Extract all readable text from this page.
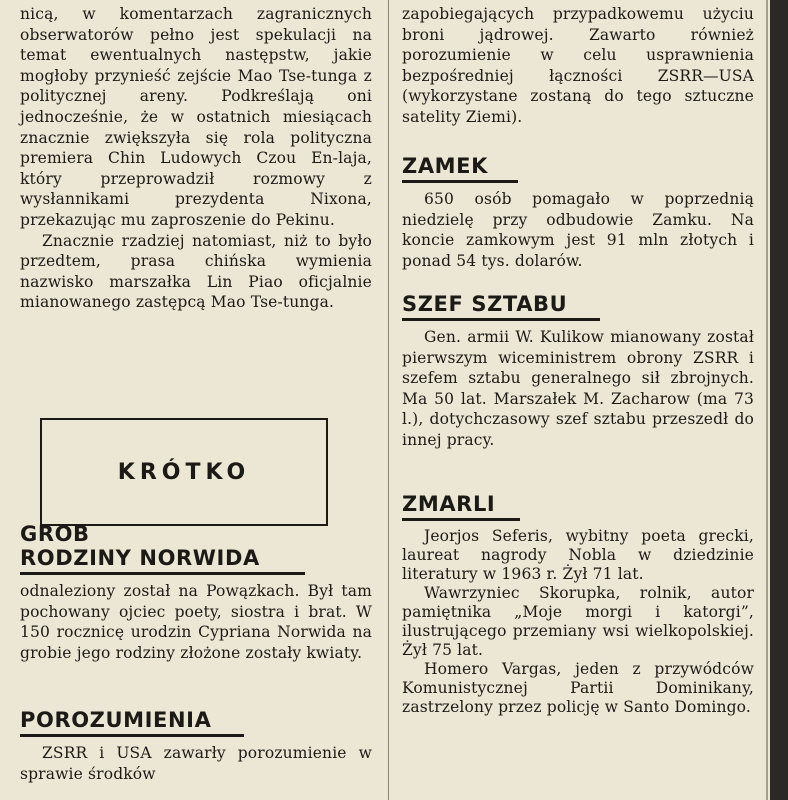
nicą, w komentarzach zagranicznych obserwatorów pełno jest spekulacji na temat ewentualnych następstw, jakie mogłoby przynieść zejście Mao Tse-tunga z politycznej areny. Podkreślają oni jednocześnie, że w ostatnich miesiącach znacznie zwiększyła się rola polityczna premiera Chin Ludowych Czou En-laja, który przeprowadził rozmowy z wysłannikami prezydenta Nixona, przekazując mu zaproszenie do Pekinu.

Znacznie rzadziej natomiast, niż to było przedtem, prasa chińska wymienia nazwisko marszałka Lin Piao oficjalnie mianowanego zastępcą Mao Tse-tunga.

KRÓTKO
GROB
RODZINY NORWIDA

odnaleziony został na Powązkach. Był tam pochowany ojciec poety, siostra i brat. W 150 rocznicę urodzin Cypriana Norwida na grobie jego rodziny złożone zostały kwiaty.

POROZUMIENIA

ZSRR i USA zawarły porozumienie w sprawie środków

zapobiegających przypadkowemu użyciu broni jądrowej. Zawarto również porozumienie w celu usprawnienia bezpośredniej łączności ZSRR—USA (wykorzystane zostaną do tego sztuczne satelity Ziemi).

ZAMEK

650 osób pomagało w poprzednią niedzielę przy odbudowie Zamku. Na koncie zamkowym jest 91 mln złotych i ponad 54 tys. dolarów.

SZEF SZTABU

Gen. armii W. Kulikow mianowany został pierwszym wiceministrem obrony ZSRR i szefem sztabu generalnego sił zbrojnych. Ma 50 lat. Marszałek M. Zacharow (ma 73 l.), dotychczasowy szef sztabu przeszedł do innej pracy.

ZMARLI

Jeorjos Seferis, wybitny poeta grecki, laureat nagrody Nobla w dziedzinie literatury w 1963 r. Żył 71 lat.

Wawrzyniec Skorupka, rolnik, autor pamiętnika „Moje morgi i katorgi”, ilustrującego przemiany wsi wielkopolskiej. Żył 75 lat.

Homero Vargas, jeden z przywódców Komunistycznej Partii Dominikany, zastrzelony przez policję w Santo Domingo.
